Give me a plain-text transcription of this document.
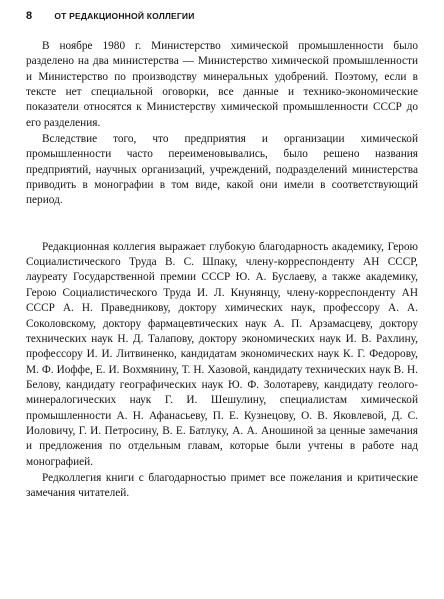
8	ОТ РЕДАКЦИОННОЙ КОЛЛЕГИИ

В ноябре 1980 г. Министерство химической промышленности было разделено на два министерства — Министерство химической промышленности и Министерство по производству минеральных удобрений. Поэтому, если в тексте нет специальной оговорки, все данные и технико-экономические показатели относятся к Министерству химической промышленности СССР до его разделения.

Вследствие того, что предприятия и организации химической промышленности часто переименовывались, было решено названия предприятий, научных организаций, учреждений, подразделений министерства приводить в монографии в том виде, какой они имели в соответствующий период.

Редакционная коллегия выражает глубокую благодарность академику, Герою Социалистического Труда В. С. Шпаку, члену-корреспонденту АН СССР, лауреату Государственной премии СССР Ю. А. Буслаеву, а также академику, Герою Социалистического Труда И. Л. Кнунянцу, члену-корреспонденту АН СССР А. Н. Праведникову, доктору химических наук, профессору А. А. Соколовскому, доктору фармацевтических наук А. П. Арзамасцеву, доктору технических наук Н. Д. Талапову, доктору экономических наук И. В. Рахлину, профессору И. И. Литвиненко, кандидатам экономических наук К. Г. Федорову, М. Ф. Иоффе, Е. И. Вохмянину, Т. Н. Хазовой, кандидату технических наук В. Н. Белову, кандидату географических наук Ю. Ф. Золотареву, кандидату геолого-минералогических наук Г. И. Шешулину, специалистам химической промышленности А. Н. Афанасьеву, П. Е. Кузнецову, О. В. Яковлевой, Д. С. Иоловичу, Г. И. Петросину, В. Е. Батлуку, А. А. Аношиной за ценные замечания и предложения по отдельным главам, которые были учтены в работе над монографией.

Редколлегия книги с благодарностью примет все пожелания и критические замечания читателей.
